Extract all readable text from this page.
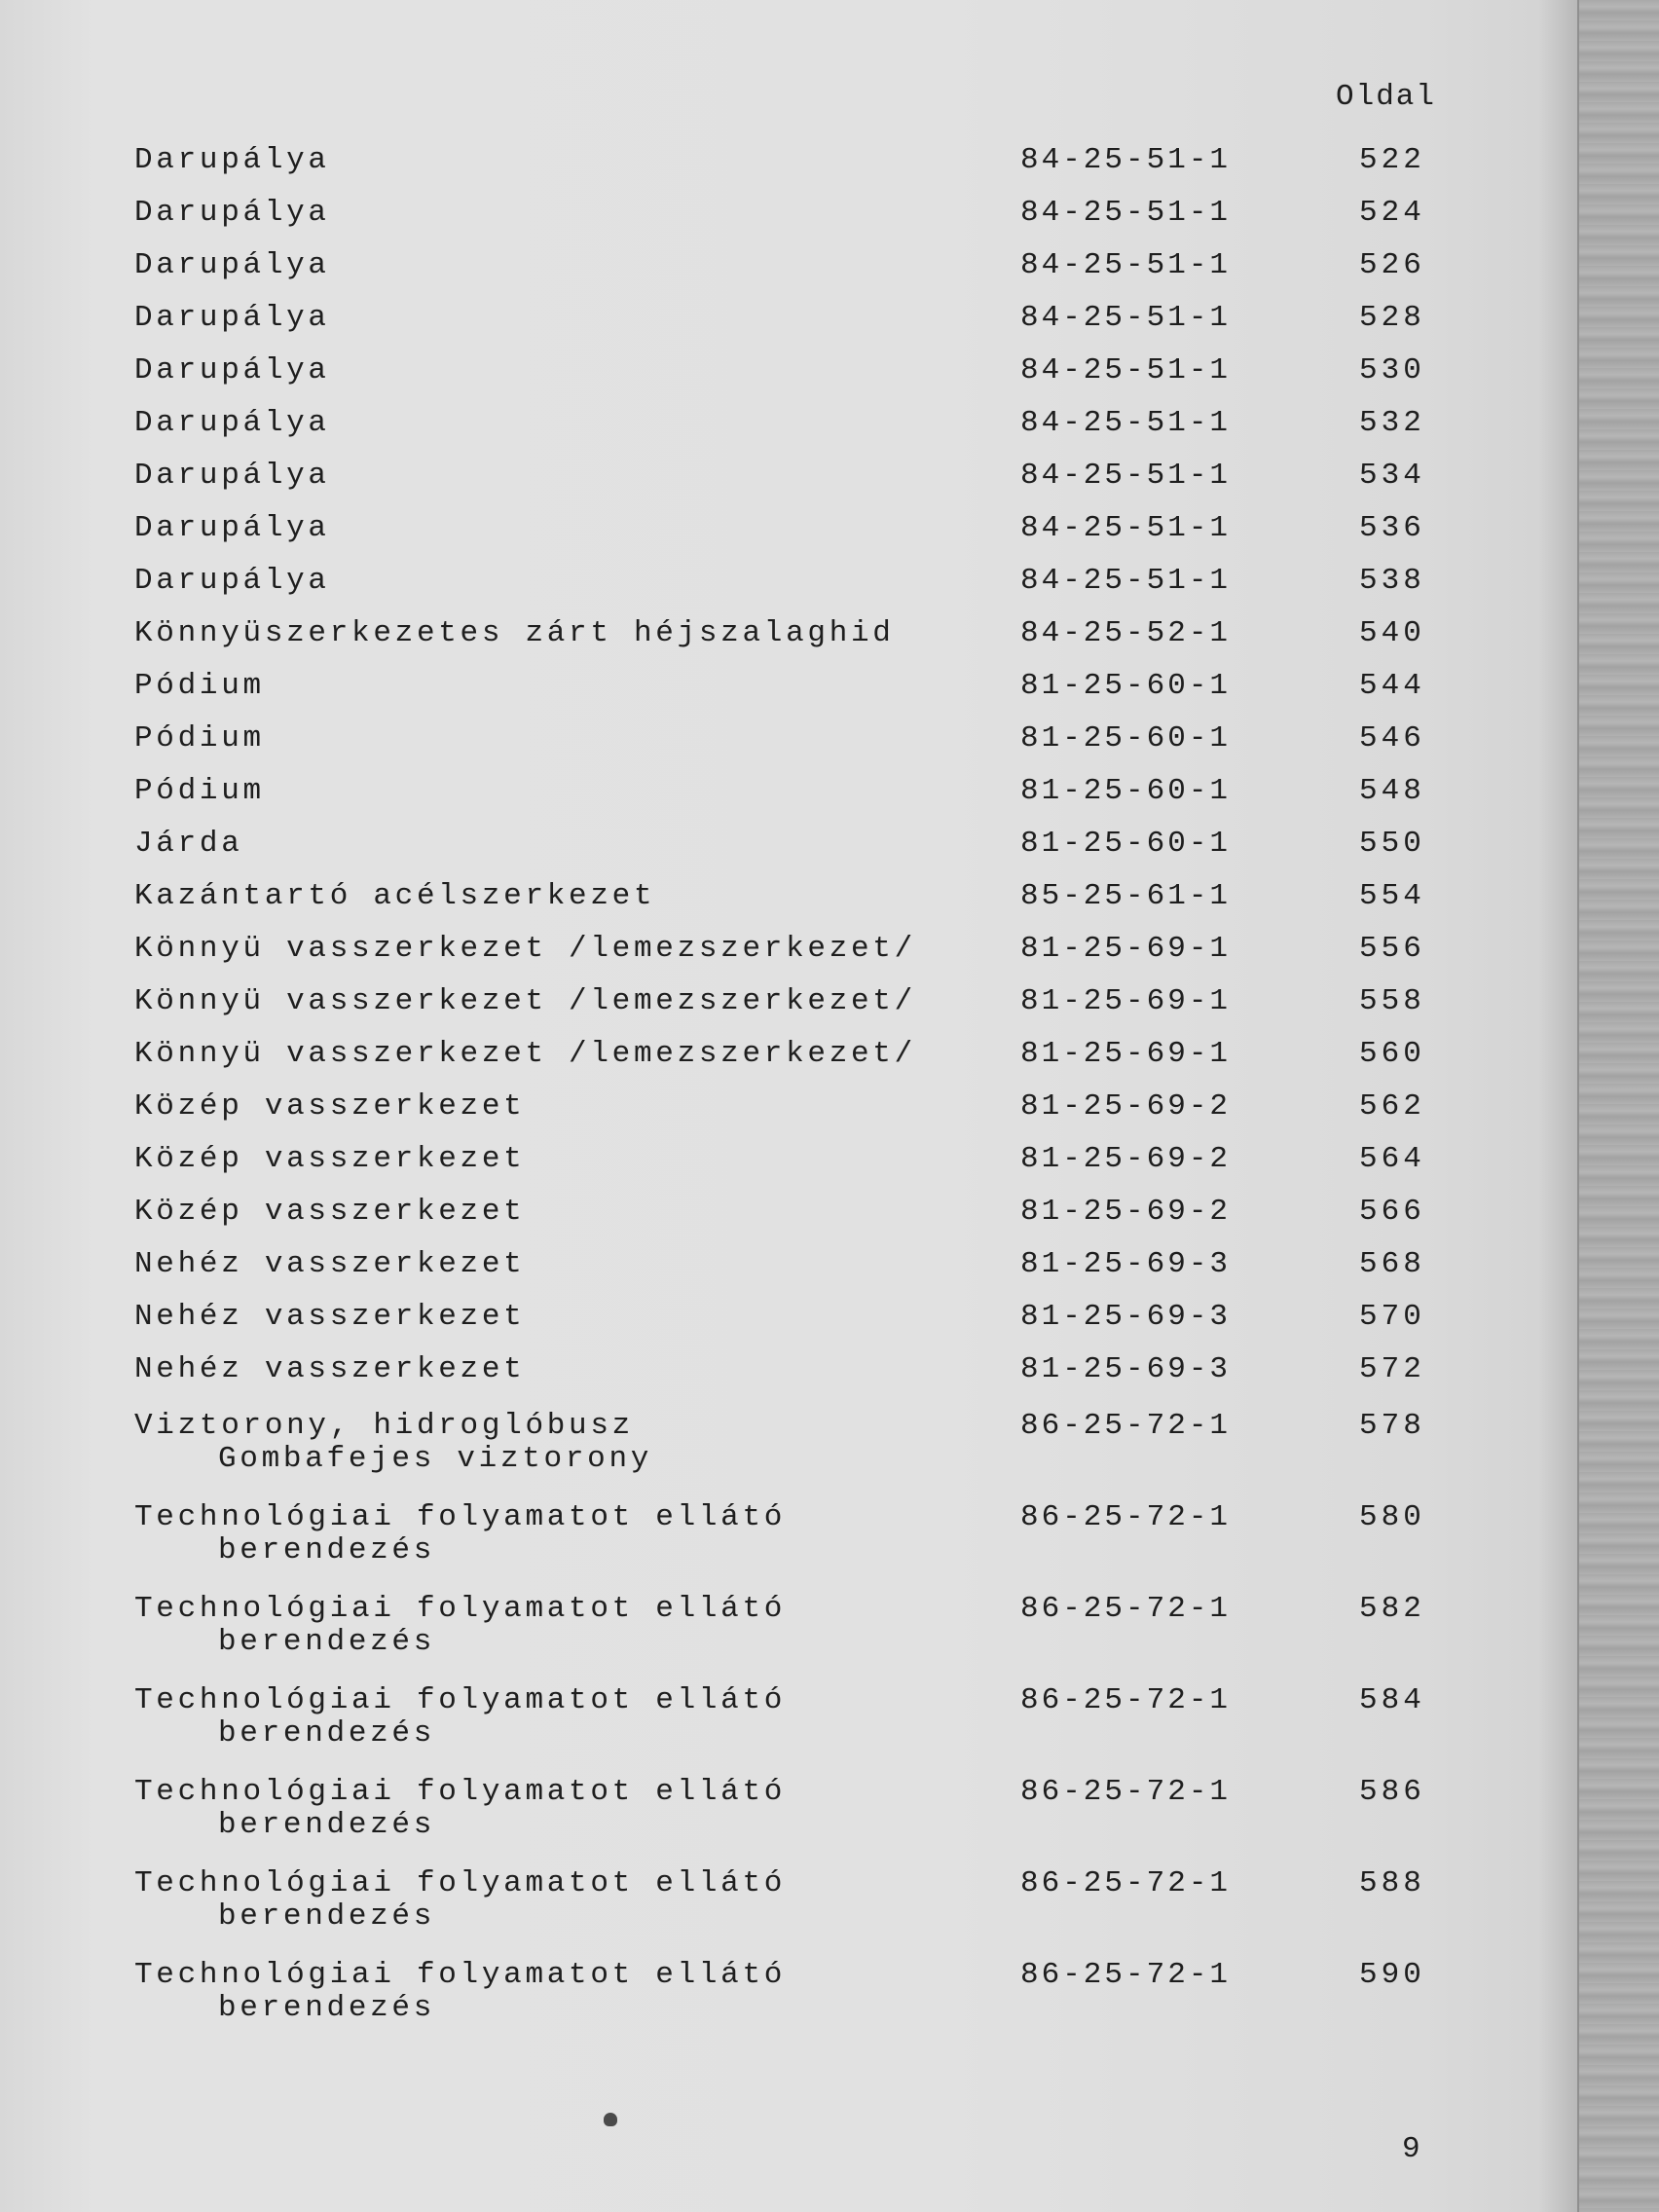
Oldal
Darupálya	84-25-51-1	522
Darupálya	84-25-51-1	524
Darupálya	84-25-51-1	526
Darupálya	84-25-51-1	528
Darupálya	84-25-51-1	530
Darupálya	84-25-51-1	532
Darupálya	84-25-51-1	534
Darupálya	84-25-51-1	536
Darupálya	84-25-51-1	538
Könnyüszerkezetes zárt héjszalaghid	84-25-52-1	540
Pódium	81-25-60-1	544
Pódium	81-25-60-1	546
Pódium	81-25-60-1	548
Járda	81-25-60-1	550
Kazántartó acélszerkezet	85-25-61-1	554
Könnyü vasszerkezet /lemezszerkezet/	81-25-69-1	556
Könnyü vasszerkezet /lemezszerkezet/	81-25-69-1	558
Könnyü vasszerkezet /lemezszerkezet/	81-25-69-1	560
Közép vasszerkezet	81-25-69-2	562
Közép vasszerkezet	81-25-69-2	564
Közép vasszerkezet	81-25-69-2	566
Nehéz vasszerkezet	81-25-69-3	568
Nehéz vasszerkezet	81-25-69-3	570
Nehéz vasszerkezet	81-25-69-3	572
Viztorony, hidroglóbusz
Gombafejes viztorony
86-25-72-1	578
Technológiai folyamatot ellátó
berendezés
86-25-72-1	580
Technológiai folyamatot ellátó
berendezés
86-25-72-1	582
Technológiai folyamatot ellátó
berendezés
86-25-72-1	584
Technológiai folyamatot ellátó
berendezés
86-25-72-1	586
Technológiai folyamatot ellátó
berendezés
86-25-72-1	588
Technológiai folyamatot ellátó
berendezés
86-25-72-1	590
9
